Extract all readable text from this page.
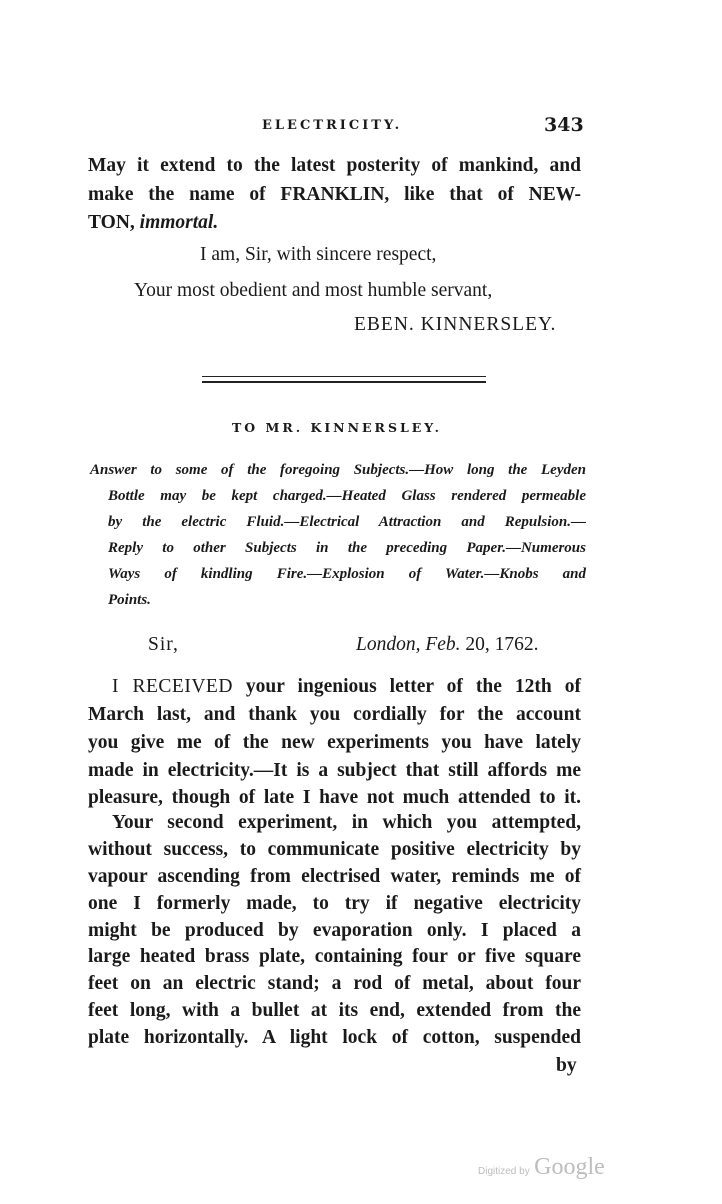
ELECTRICITY.	343
May it extend to the latest posterity of mankind, and
make the name of FRANKLIN, like that of NEW-
TON, immortal.
I am, Sir, with sincere respect,
Your most obedient and most humble servant,
EBEN. KINNERSLEY.
TO MR. KINNERSLEY.
Answer to some of the foregoing Subjects.—How long the Leyden
Bottle may be kept charged.—Heated Glass rendered permeable
by the electric Fluid.—Electrical Attraction and Repulsion.—
Reply to other Subjects in the preceding Paper.—Numerous
Ways of kindling Fire.—Explosion of Water.—Knobs and
Points.
Sir,	London, Feb. 20, 1762.
I RECEIVED your ingenious letter of the 12th of
March last, and thank you cordially for the account
you give me of the new experiments you have lately
made in electricity.—It is a subject that still affords me
pleasure, though of late I have not much attended to it.
Your second experiment, in which you attempted,
without success, to communicate positive electricity by
vapour ascending from electrised water, reminds me of
one I formerly made, to try if negative electricity
might be produced by evaporation only. I placed a
large heated brass plate, containing four or five square
feet on an electric stand; a rod of metal, about four
feet long, with a bullet at its end, extended from the
plate horizontally. A light lock of cotton, suspended
by
Digitized by Google
